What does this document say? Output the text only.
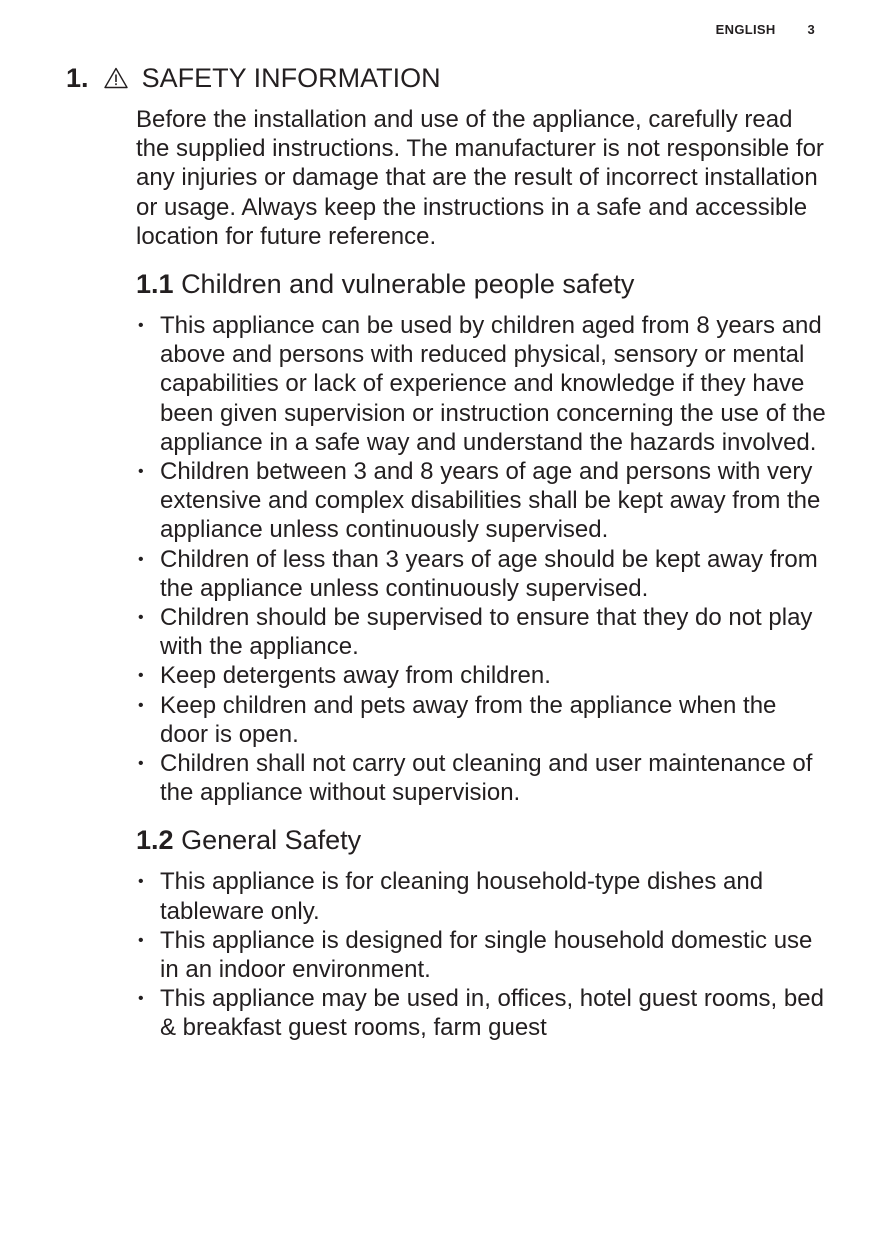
ENGLISH 3
1. SAFETY INFORMATION

Before the installation and use of the appliance, carefully read the supplied instructions. The manufacturer is not responsible for any injuries or damage that are the result of incorrect installation or usage. Always keep the instructions in a safe and accessible location for future reference.

1.1 Children and vulnerable people safety
• This appliance can be used by children aged from 8 years and above and persons with reduced physical, sensory or mental capabilities or lack of experience and knowledge if they have been given supervision or instruction concerning the use of the appliance in a safe way and understand the hazards involved.
• Children between 3 and 8 years of age and persons with very extensive and complex disabilities shall be kept away from the appliance unless continuously supervised.
• Children of less than 3 years of age should be kept away from the appliance unless continuously supervised.
• Children should be supervised to ensure that they do not play with the appliance.
• Keep detergents away from children.
• Keep children and pets away from the appliance when the door is open.
• Children shall not carry out cleaning and user maintenance of the appliance without supervision.
1.2 General Safety
• This appliance is for cleaning household-type dishes and tableware only.
• This appliance is designed for single household domestic use in an indoor environment.
• This appliance may be used in, offices, hotel guest rooms, bed & breakfast guest rooms, farm guest
